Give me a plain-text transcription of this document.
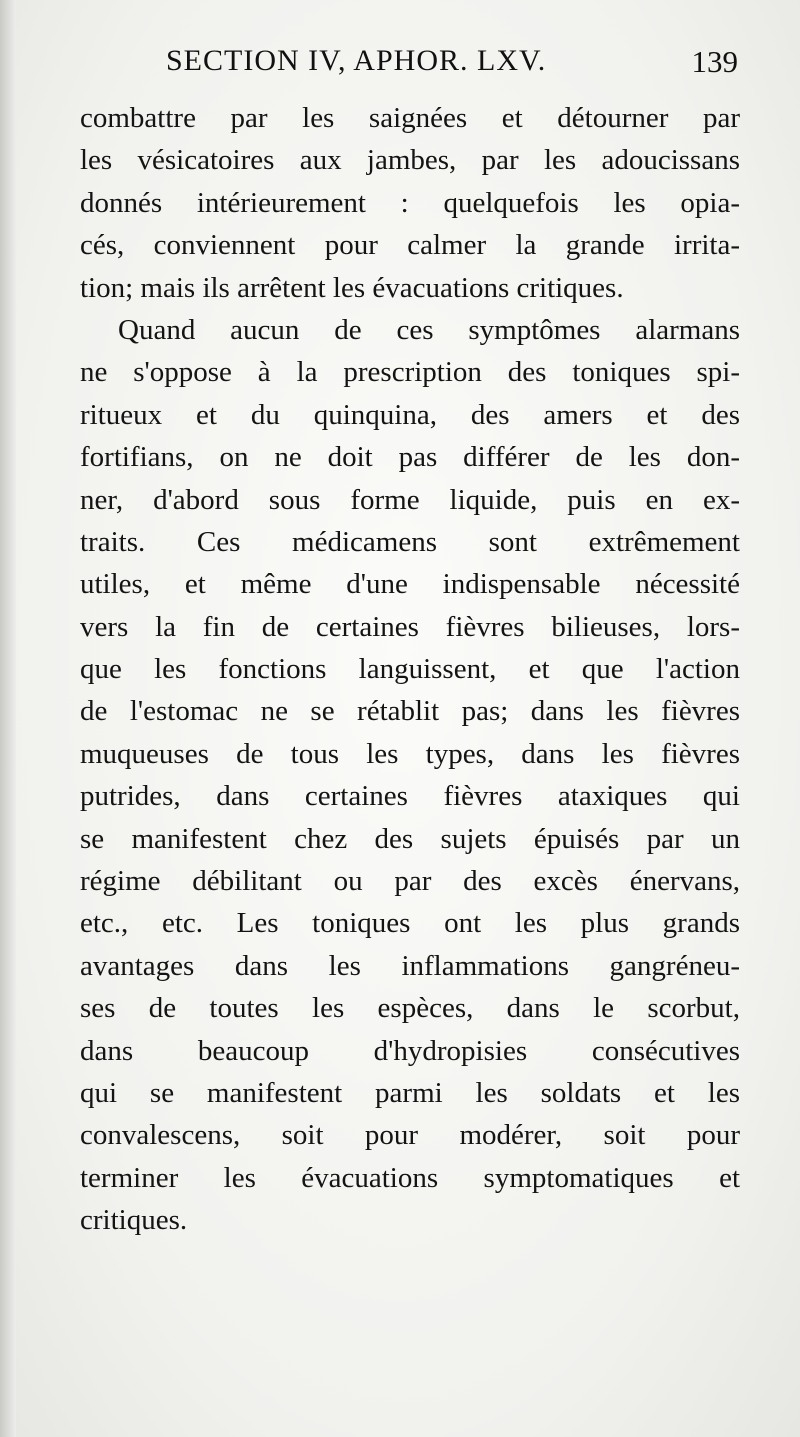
SECTION IV, APHOR. LXV.	139
combattre par les saignées et détourner par
les vésicatoires aux jambes, par les adoucissans
donnés intérieurement : quelquefois les opia-
cés, conviennent pour calmer la grande irrita-
tion; mais ils arrêtent les évacuations critiques.
Quand aucun de ces symptômes alarmans
ne s'oppose à la prescription des toniques spi-
ritueux et du quinquina, des amers et des
fortifians, on ne doit pas différer de les don-
ner, d'abord sous forme liquide, puis en ex-
traits. Ces médicamens sont extrêmement
utiles, et même d'une indispensable nécessité
vers la fin de certaines fièvres bilieuses, lors-
que les fonctions languissent, et que l'action
de l'estomac ne se rétablit pas; dans les fièvres
muqueuses de tous les types, dans les fièvres
putrides, dans certaines fièvres ataxiques qui
se manifestent chez des sujets épuisés par un
régime débilitant ou par des excès énervans,
etc., etc. Les toniques ont les plus grands
avantages dans les inflammations gangréneu-
ses de toutes les espèces, dans le scorbut,
dans beaucoup d'hydropisies consécutives
qui se manifestent parmi les soldats et les
convalescens, soit pour modérer, soit pour
terminer les évacuations symptomatiques et
critiques.
